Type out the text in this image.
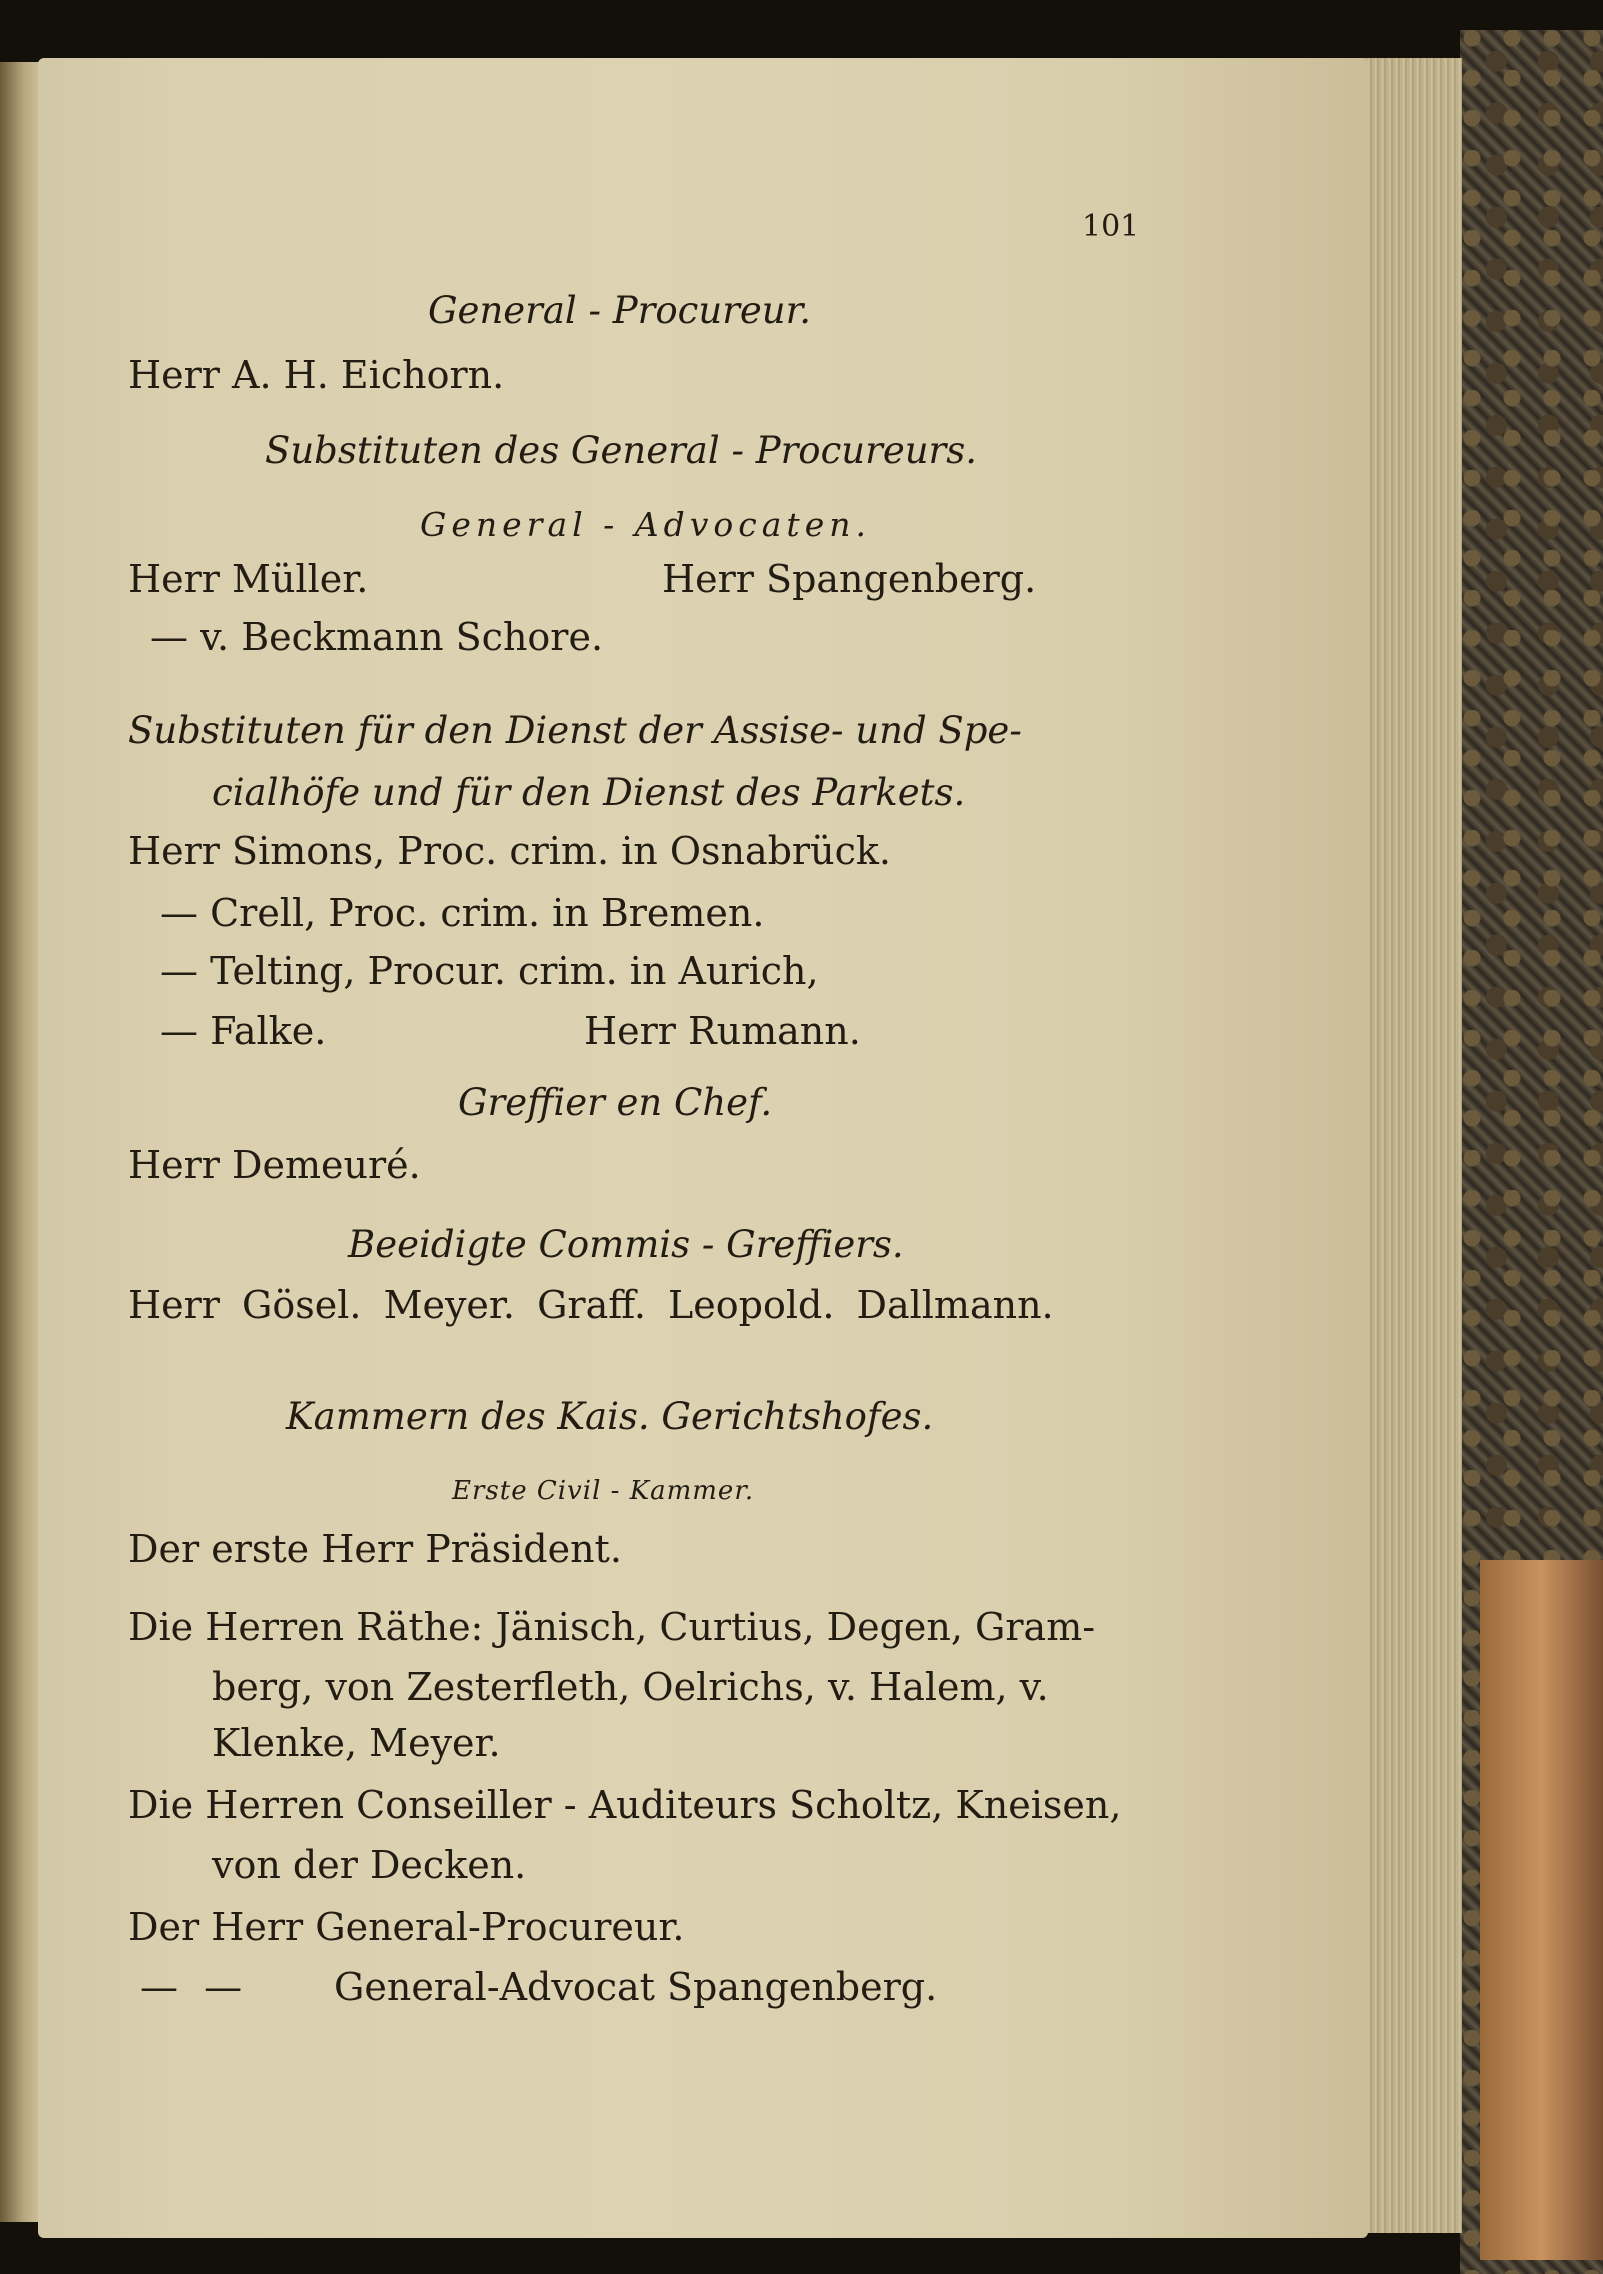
101
General - Procureur.
Herr A. H. Eichorn.
Substituten des General - Procureurs.
General - Advocaten.
Herr Müller.	Herr Spangenberg.
— v. Beckmann Schore.
Substituten für den Dienst der Assise- und Spe-
cialhöfe und für den Dienst des Parkets.
Herr Simons, Proc. crim. in Osnabrück.
— Crell, Proc. crim. in Bremen.
— Telting, Procur. crim. in Aurich,
— Falke.	Herr Rumann.
Greffier en Chef.
Herr Demeuré.
Beeidigte Commis - Greffiers.
Herr Gösel. Meyer. Graff. Leopold. Dallmann.
Kammern des Kais. Gerichtshofes.
Erste Civil - Kammer.
Der erste Herr Präsident.
Die Herren Räthe: Jänisch, Curtius, Degen, Gram-
berg, von Zesterfleth, Oelrichs, v. Halem, v.
Klenke, Meyer.
Die Herren Conseiller - Auditeurs Scholtz, Kneisen,
von der Decken.
Der Herr General-Procureur.
— — General-Advocat Spangenberg.
